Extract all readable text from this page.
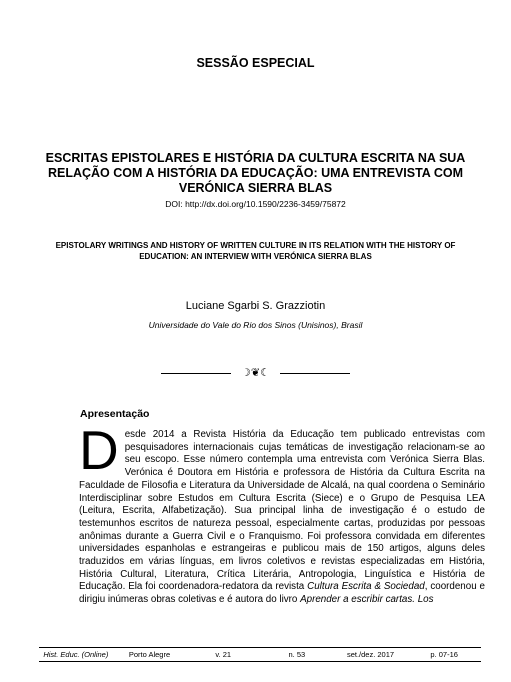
SESSÃO ESPECIAL
ESCRITAS EPISTOLARES E HISTÓRIA DA CULTURA ESCRITA NA SUA RELAÇÃO COM A HISTÓRIA DA EDUCAÇÃO: UMA ENTREVISTA COM VERÓNICA SIERRA BLAS
DOI: http://dx.doi.org/10.1590/2236-3459/75872
EPISTOLARY WRITINGS AND HISTORY OF WRITTEN CULTURE IN ITS RELATION WITH THE HISTORY OF EDUCATION: AN INTERVIEW WITH VERÓNICA SIERRA BLAS
Luciane Sgarbi S. Grazziotin
Universidade do Vale do Rio dos Sinos (Unisinos), Brasil
☽❦☾
Apresentação
Desde 2014 a Revista História da Educação tem publicado entrevistas com pesquisadores internacionais cujas temáticas de investigação relacionam-se ao seu escopo. Esse número contempla uma entrevista com Verónica Sierra Blas. Verónica é Doutora em História e professora de História da Cultura Escrita na Faculdade de Filosofia e Literatura da Universidade de Alcalá, na qual coordena o Seminário Interdisciplinar sobre Estudos em Cultura Escrita (Siece) e o Grupo de Pesquisa LEA (Leitura, Escrita, Alfabetização). Sua principal linha de investigação é o estudo de testemunhos escritos de natureza pessoal, especialmente cartas, produzidas por pessoas anônimas durante a Guerra Civil e o Franquismo. Foi professora convidada em diferentes universidades espanholas e estrangeiras e publicou mais de 150 artigos, alguns deles traduzidos em várias línguas, em livros coletivos e revistas especializadas em História, História Cultural, Literatura, Crítica Literária, Antropologia, Linguística e História de Educação. Ela foi coordenadora-redatora da revista Cultura Escrita & Sociedad, coordenou e dirigiu inúmeras obras coletivas e é autora do livro Aprender a escribir cartas. Los
Hist. Educ. (Online)	Porto Alegre	v. 21	n. 53	set./dez. 2017	p. 07-16
